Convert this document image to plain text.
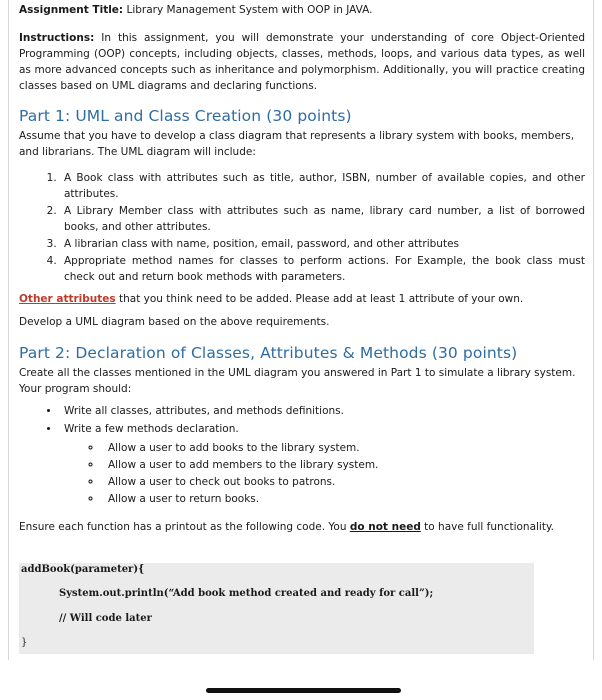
Assignment Title: Library Management System with OOP in JAVA.

Instructions: In this assignment, you will demonstrate your understanding of core Object-Oriented Programming (OOP) concepts, including objects, classes, methods, loops, and various data types, as well as more advanced concepts such as inheritance and polymorphism. Additionally, you will practice creating classes based on UML diagrams and declaring functions.

Part 1: UML and Class Creation (30 points)

Assume that you have to develop a class diagram that represents a library system with books, members, and librarians. The UML diagram will include:

1. A Book class with attributes such as title, author, ISBN, number of available copies, and other attributes.
2. A Library Member class with attributes such as name, library card number, a list of borrowed books, and other attributes.
3. A librarian class with name, position, email, password, and other attributes
4. Appropriate method names for classes to perform actions. For Example, the book class must check out and return book methods with parameters.

Other attributes that you think need to be added. Please add at least 1 attribute of your own.

Develop a UML diagram based on the above requirements.

Part 2: Declaration of Classes, Attributes & Methods (30 points)

Create all the classes mentioned in the UML diagram you answered in Part 1 to simulate a library system. Your program should:

• Write all classes, attributes, and methods definitions.
• Write a few methods declaration.
◦ Allow a user to add books to the library system.
◦ Allow a user to add members to the library system.
◦ Allow a user to check out books to patrons.
◦ Allow a user to return books.

Ensure each function has a printout as the following code. You do not need to have full functionality.

addBook(parameter){
System.out.println(“Add book method created and ready for call”);
// Will code later
}
